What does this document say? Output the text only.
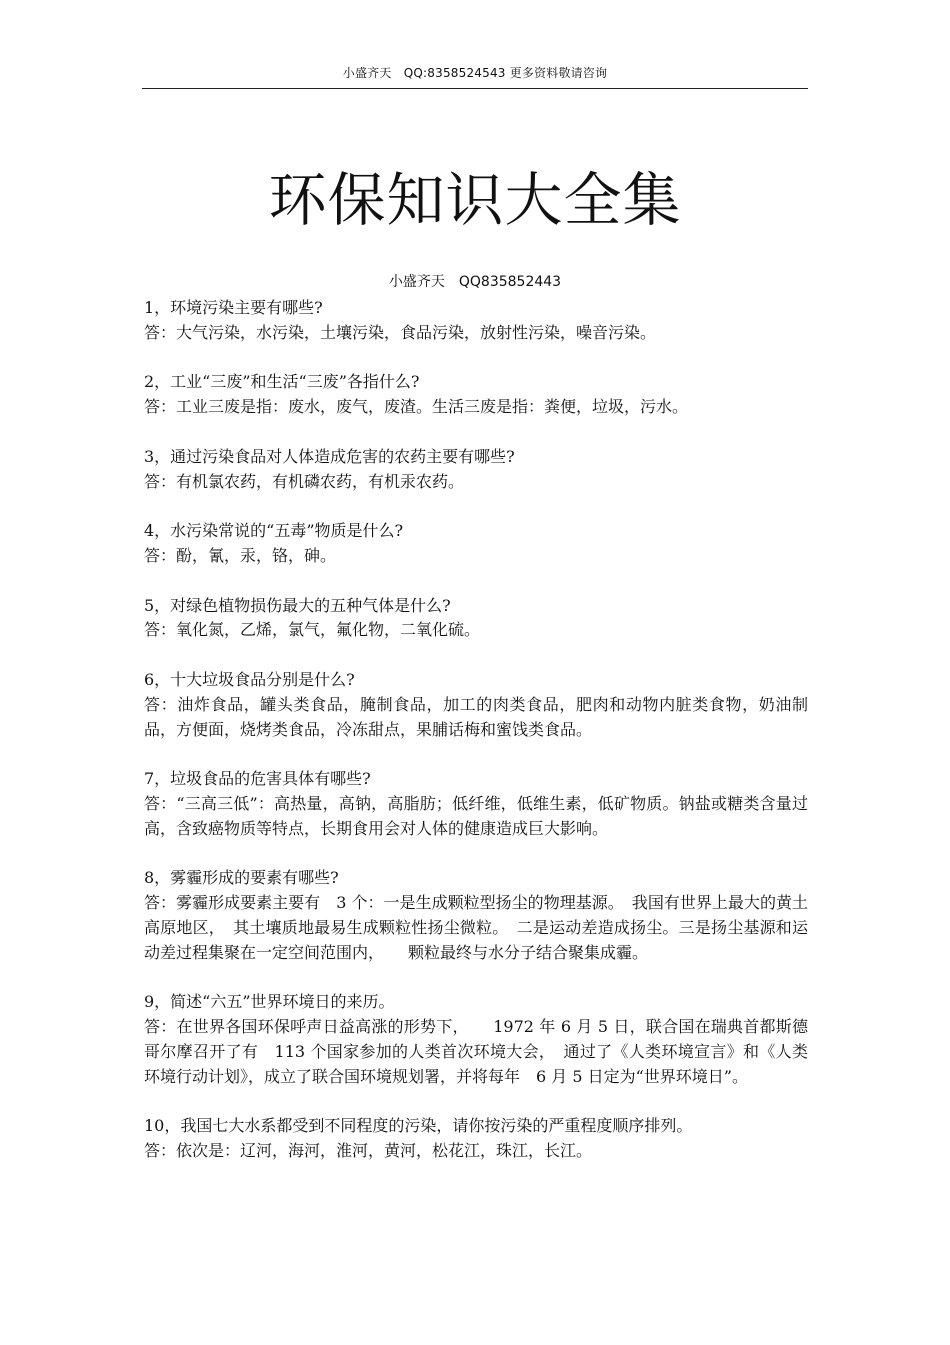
小盛齐天　QQ:8358524543 更多资料敬请咨询
环保知识大全集
小盛齐天　QQ835852443
1，环境污染主要有哪些?
答：大气污染，水污染，土壤污染，食品污染，放射性污染，噪音污染。
2，工业“三废”和生活“三废”各指什么?
答：工业三废是指：废水，废气，废渣。生活三废是指：粪便，垃圾，污水。
3，通过污染食品对人体造成危害的农药主要有哪些?
答：有机氯农药，有机磷农药，有机汞农药。
4，水污染常说的“五毒”物质是什么?
答：酚，氰，汞，铬，砷。
5，对绿色植物损伤最大的五种气体是什么?
答：氧化氮，乙烯，氯气，氟化物，二氧化硫。
6，十大垃圾食品分别是什么?
答：油炸食品，罐头类食品，腌制食品，加工的肉类食品，肥肉和动物内脏类食物，奶油制品，方便面，烧烤类食品，冷冻甜点，果脯话梅和蜜饯类食品。
7，垃圾食品的危害具体有哪些?
答：“三高三低”：高热量，高钠，高脂肪；低纤维，低维生素，低矿物质。钠盐或糖类含量过高，含致癌物质等特点，长期食用会对人体的健康造成巨大影响。
8，雾霾形成的要素有哪些?
答：雾霾形成要素主要有　3 个：一是生成颗粒型扬尘的物理基源。　我国有世界上最大的黄土高原地区，　其土壤质地最易生成颗粒性扬尘微粒。　二是运动差造成扬尘。三是扬尘基源和运动差过程集聚在一定空间范围内，　　颗粒最终与水分子结合聚集成霾。
9，简述“六五”世界环境日的来历。
答：在世界各国环保呼声日益高涨的形势下，　　1972 年 6 月 5 日，联合国在瑞典首都斯德哥尔摩召开了有　113 个国家参加的人类首次环境大会，　通过了《人类环境宣言》和《人类环境行动计划》，成立了联合国环境规划署，并将每年　6 月 5 日定为“世界环境日”。
10，我国七大水系都受到不同程度的污染，请你按污染的严重程度顺序排列。
答：依次是：辽河，海河，淮河，黄河，松花江，珠江，长江。
